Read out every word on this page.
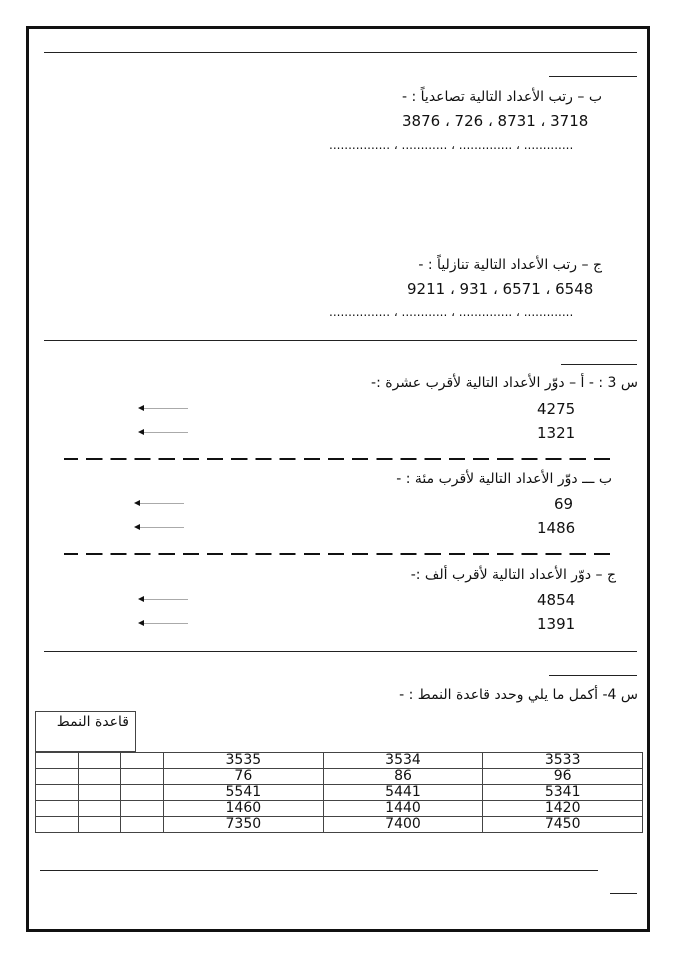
ب – رتب الأعداد التالية تصاعدياً : -
3876 ، 726 ، 8731 ، 3718
................ ، ............ ، .............. ، .............
ج – رتب الأعداد التالية تنازلياً : -
9211 ، 931 ، 6571 ، 6548
................ ، ............ ، .............. ، .............
س 3 : - أ – دوّر الأعداد التالية لأقرب عشرة :-
4275
1321
ب ـــ دوّر الأعداد التالية لأقرب مئة : -
69
1486
ج – دوّر الأعداد التالية لأقرب ألف :-
4854
1391
س 4- أكمل ما يلي وحدد قاعدة النمط : -
قاعدة النمط
			3535	3534	3533
			76	86	96
			5541	5441	5341
			1460	1440	1420
			7350	7400	7450
